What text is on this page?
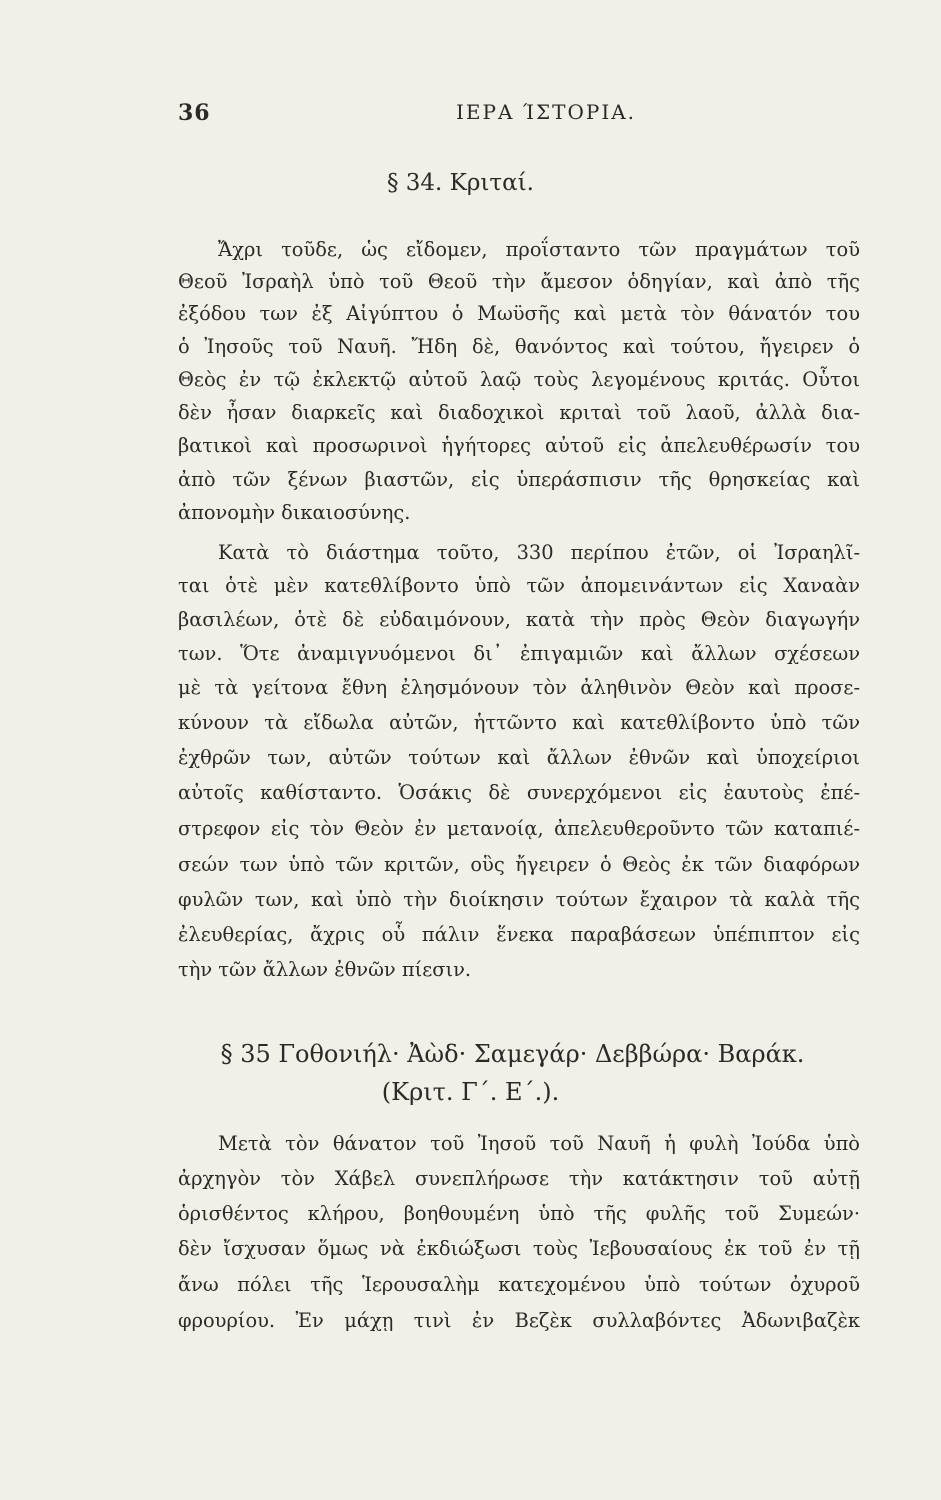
36	ΙΕΡΑ ΊΣΤΟΡΙΑ.
§ 34. Κριταί.
Ἄχρι τοῦδε, ὡς εἴδομεν, προΐσταντο τῶν πραγμάτων τοῦ
Θεοῦ Ἰσραὴλ ὑπὸ τοῦ Θεοῦ τὴν ἄμεσον ὁδηγίαν, καὶ ἀπὸ τῆς
ἐξόδου των ἐξ Αἰγύπτου ὁ Μωϋσῆς καὶ μετὰ τὸν θάνατόν του
ὁ Ἰησοῦς τοῦ Ναυῆ. Ἤδη δὲ, θανόντος καὶ τούτου, ἤγειρεν ὁ
Θεὸς ἐν τῷ ἐκλεκτῷ αὐτοῦ λαῷ τοὺς λεγομένους κριτάς. Οὗτοι
δὲν ἦσαν διαρκεῖς καὶ διαδοχικοὶ κριταὶ τοῦ λαοῦ, ἀλλὰ δια-
βατικοὶ καὶ προσωρινοὶ ἡγήτορες αὐτοῦ εἰς ἀπελευθέρωσίν του
ἀπὸ τῶν ξένων βιαστῶν, εἰς ὑπεράσπισιν τῆς θρησκείας καὶ
ἀπονομὴν δικαιοσύνης.
Κατὰ τὸ διάστημα τοῦτο, 330 περίπου ἐτῶν, οἱ Ἰσραηλῖ-
ται ὁτὲ μὲν κατεθλίβοντο ὑπὸ τῶν ἀπομεινάντων εἰς Χαναὰν
βασιλέων, ὁτὲ δὲ εὐδαιμόνουν, κατὰ τὴν πρὸς Θεὸν διαγωγήν
των. Ὅτε ἀναμιγνυόμενοι δι᾿ ἐπιγαμιῶν καὶ ἄλλων σχέσεων
μὲ τὰ γείτονα ἔθνη ἐλησμόνουν τὸν ἀληθινὸν Θεὸν καὶ προσε-
κύνουν τὰ εἴδωλα αὐτῶν, ἡττῶντο καὶ κατεθλίβοντο ὑπὸ τῶν
ἐχθρῶν των, αὐτῶν τούτων καὶ ἄλλων ἐθνῶν καὶ ὑποχείριοι
αὐτοῖς καθίσταντο. Ὁσάκις δὲ συνερχόμενοι εἰς ἑαυτοὺς ἐπέ-
στρεφον εἰς τὸν Θεὸν ἐν μετανοίᾳ, ἀπελευθεροῦντο τῶν καταπιέ-
σεών των ὑπὸ τῶν κριτῶν, οὓς ἤγειρεν ὁ Θεὸς ἐκ τῶν διαφόρων
φυλῶν των, καὶ ὑπὸ τὴν διοίκησιν τούτων ἔχαιρον τὰ καλὰ τῆς
ἐλευθερίας, ἄχρις οὗ πάλιν ἕνεκα παραβάσεων ὑπέπιπτον εἰς
τὴν τῶν ἄλλων ἐθνῶν πίεσιν.
§ 35 Γοθονιήλ· Ἀὼδ· Σαμεγάρ· Δεββώρα· Βαράκ.
(Κριτ. Γ΄. Ε΄.).
Μετὰ τὸν θάνατον τοῦ Ἰησοῦ τοῦ Ναυῆ ἡ φυλὴ Ἰούδα ὑπὸ
ἀρχηγὸν τὸν Χάβελ συνεπλήρωσε τὴν κατάκτησιν τοῦ αὐτῇ
ὁρισθέντος κλήρου, βοηθουμένη ὑπὸ τῆς φυλῆς τοῦ Συμεών·
δὲν ἴσχυσαν ὅμως νὰ ἐκδιώξωσι τοὺς Ἰεβουσαίους ἐκ τοῦ ἐν τῇ
ἄνω πόλει τῆς Ἱερουσαλὴμ κατεχομένου ὑπὸ τούτων ὀχυροῦ
φρουρίου. Ἐν μάχῃ τινὶ ἐν Βεζὲκ συλλαβόντες Ἀδωνιβαζὲκ
